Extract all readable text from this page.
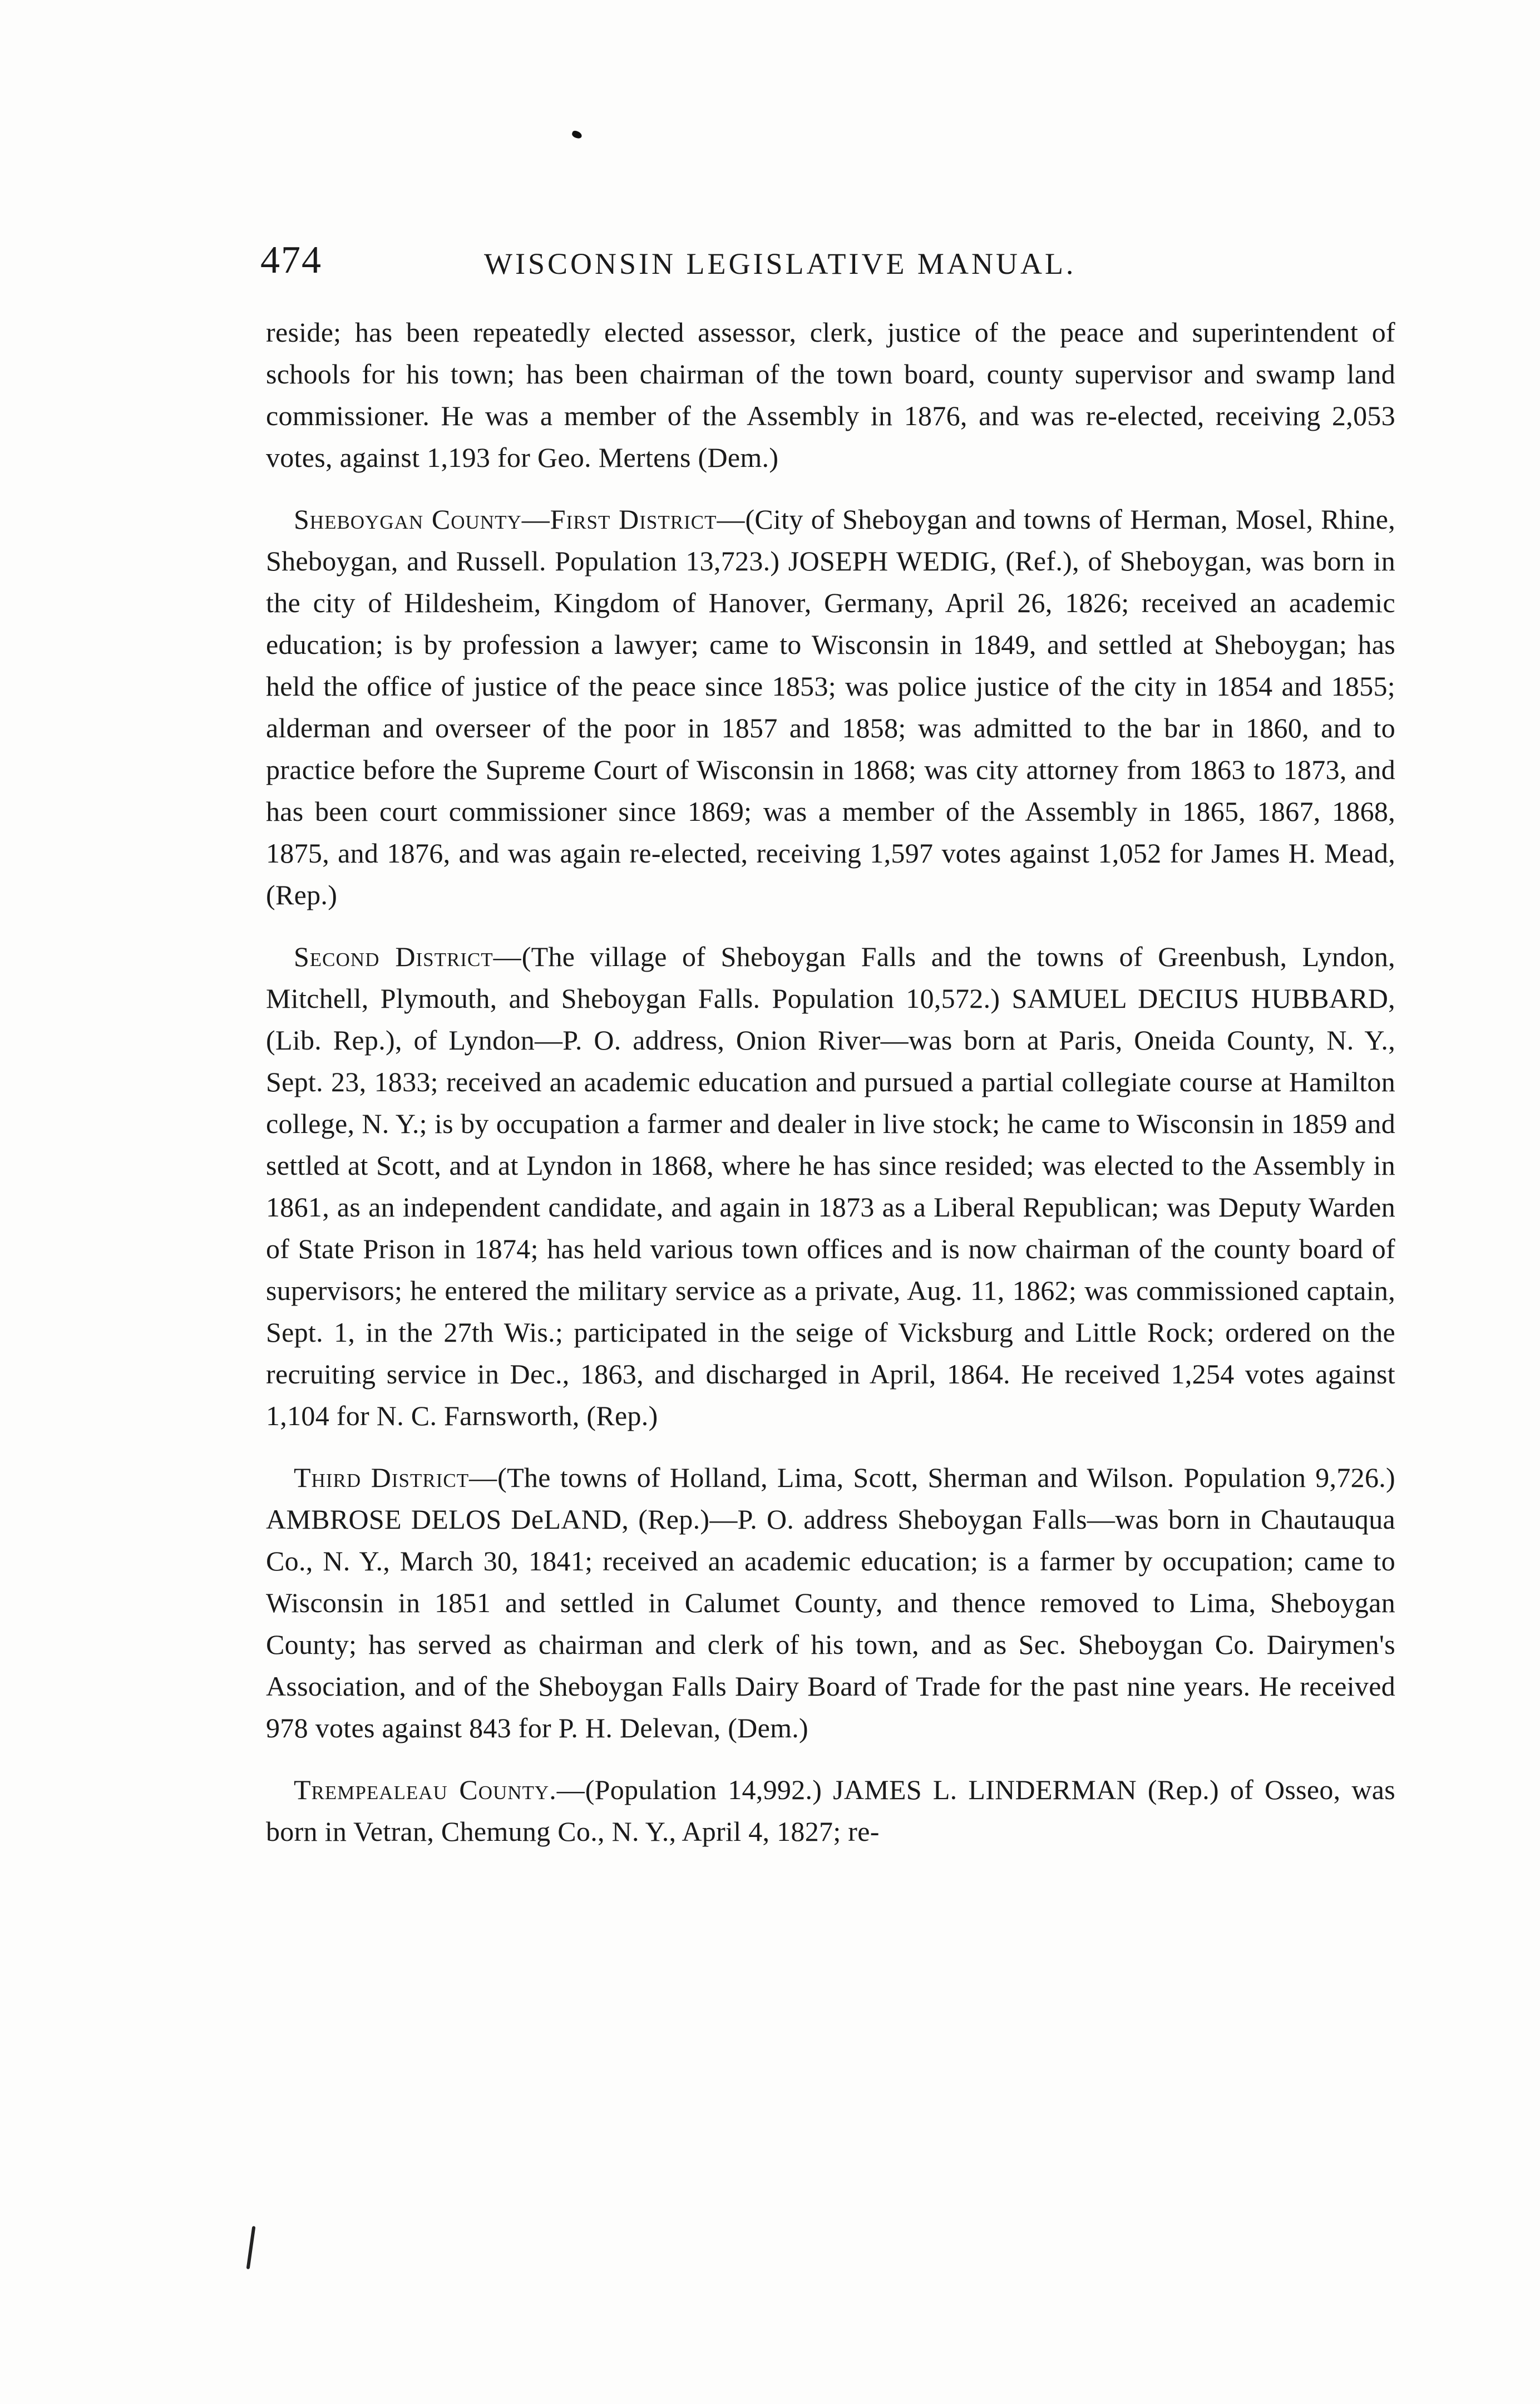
474	WISCONSIN LEGISLATIVE MANUAL.

reside; has been repeatedly elected assessor, clerk, justice of the peace and superintendent of schools for his town; has been chairman of the town board, county supervisor and swamp land commissioner. He was a member of the Assembly in 1876, and was re-elected, receiving 2,053 votes, against 1,193 for Geo. Mertens (Dem.)

Sheboygan County—First District—(City of Sheboygan and towns of Herman, Mosel, Rhine, Sheboygan, and Russell. Population 13,723.) JOSEPH WEDIG, (Ref.), of Sheboygan, was born in the city of Hildesheim, Kingdom of Hanover, Germany, April 26, 1826; received an academic education; is by profession a lawyer; came to Wisconsin in 1849, and settled at Sheboygan; has held the office of justice of the peace since 1853; was police justice of the city in 1854 and 1855; alderman and overseer of the poor in 1857 and 1858; was admitted to the bar in 1860, and to practice before the Supreme Court of Wisconsin in 1868; was city attorney from 1863 to 1873, and has been court commissioner since 1869; was a member of the Assembly in 1865, 1867, 1868, 1875, and 1876, and was again re-elected, receiving 1,597 votes against 1,052 for James H. Mead, (Rep.)

Second District—(The village of Sheboygan Falls and the towns of Greenbush, Lyndon, Mitchell, Plymouth, and Sheboygan Falls. Population 10,572.) SAMUEL DECIUS HUBBARD, (Lib. Rep.), of Lyndon—P. O. address, Onion River—was born at Paris, Oneida County, N. Y., Sept. 23, 1833; received an academic education and pursued a partial collegiate course at Hamilton college, N. Y.; is by occupation a farmer and dealer in live stock; he came to Wisconsin in 1859 and settled at Scott, and at Lyndon in 1868, where he has since resided; was elected to the Assembly in 1861, as an independent candidate, and again in 1873 as a Liberal Republican; was Deputy Warden of State Prison in 1874; has held various town offices and is now chairman of the county board of supervisors; he entered the military service as a private, Aug. 11, 1862; was commissioned captain, Sept. 1, in the 27th Wis.; participated in the seige of Vicksburg and Little Rock; ordered on the recruiting service in Dec., 1863, and discharged in April, 1864. He received 1,254 votes against 1,104 for N. C. Farnsworth, (Rep.)

Third District—(The towns of Holland, Lima, Scott, Sherman and Wilson. Population 9,726.) AMBROSE DELOS DeLAND, (Rep.)—P. O. address Sheboygan Falls—was born in Chautauqua Co., N. Y., March 30, 1841; received an academic education; is a farmer by occupation; came to Wisconsin in 1851 and settled in Calumet County, and thence removed to Lima, Sheboygan County; has served as chairman and clerk of his town, and as Sec. Sheboygan Co. Dairymen's Association, and of the Sheboygan Falls Dairy Board of Trade for the past nine years. He received 978 votes against 843 for P. H. Delevan, (Dem.)

Trempealeau County.—(Population 14,992.) JAMES L. LINDERMAN (Rep.) of Osseo, was born in Vetran, Chemung Co., N. Y., April 4, 1827; re-
